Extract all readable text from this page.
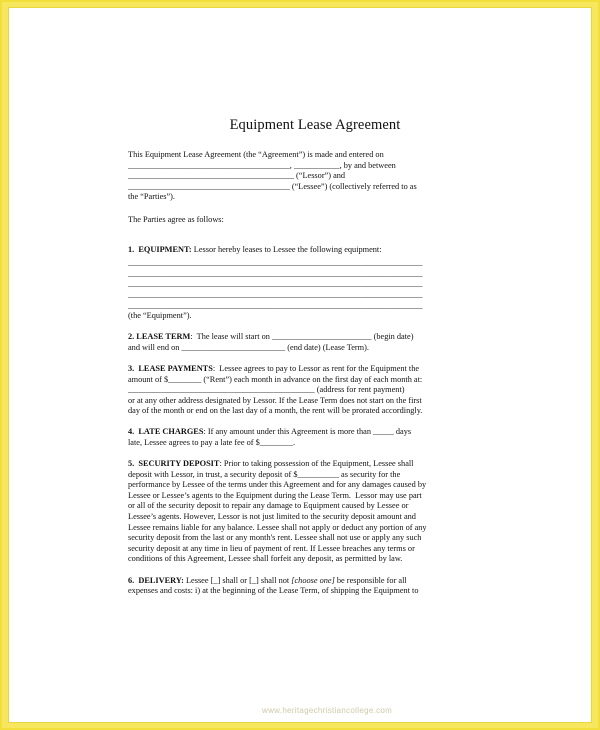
Equipment Lease Agreement
This Equipment Lease Agreement (the “Agreement”) is made and entered on
_______________________________________, ___________, by and between
________________________________________ (“Lessor”) and
_______________________________________ (“Lessee”) (collectively referred to as
the “Parties”).
The Parties agree as follows:
1.  EQUIPMENT: Lessor hereby leases to Lessee the following equipment:
_______________________________________________________________________
_______________________________________________________________________
_______________________________________________________________________
_______________________________________________________________________
_______________________________________________________________________
(the “Equipment”).
2. LEASE TERM:  The lease will start on ________________________ (begin date)
and will end on _________________________ (end date) (Lease Term).
3.  LEASE PAYMENTS:  Lessee agrees to pay to Lessor as rent for the Equipment the
amount of $________ (“Rent”) each month in advance on the first day of each month at:
_____________________________________________ (address for rent payment)
or at any other address designated by Lessor. If the Lease Term does not start on the first
day of the month or end on the last day of a month, the rent will be prorated accordingly.
4.  LATE CHARGES: If any amount under this Agreement is more than _____ days
late, Lessee agrees to pay a late fee of $________.
5.  SECURITY DEPOSIT: Prior to taking possession of the Equipment, Lessee shall
deposit with Lessor, in trust, a security deposit of $__________ as security for the
performance by Lessee of the terms under this Agreement and for any damages caused by
Lessee or Lessee’s agents to the Equipment during the Lease Term.  Lessor may use part
or all of the security deposit to repair any damage to Equipment caused by Lessee or
Lessee’s agents. However, Lessor is not just limited to the security deposit amount and
Lessee remains liable for any balance. Lessee shall not apply or deduct any portion of any
security deposit from the last or any month's rent. Lessee shall not use or apply any such
security deposit at any time in lieu of payment of rent. If Lessee breaches any terms or
conditions of this Agreement, Lessee shall forfeit any deposit, as permitted by law.
6.  DELIVERY: Lessee [_] shall or [_] shall not [choose one] be responsible for all
expenses and costs: i) at the beginning of the Lease Term, of shipping the Equipment to
www.heritagechristiancollege.com
